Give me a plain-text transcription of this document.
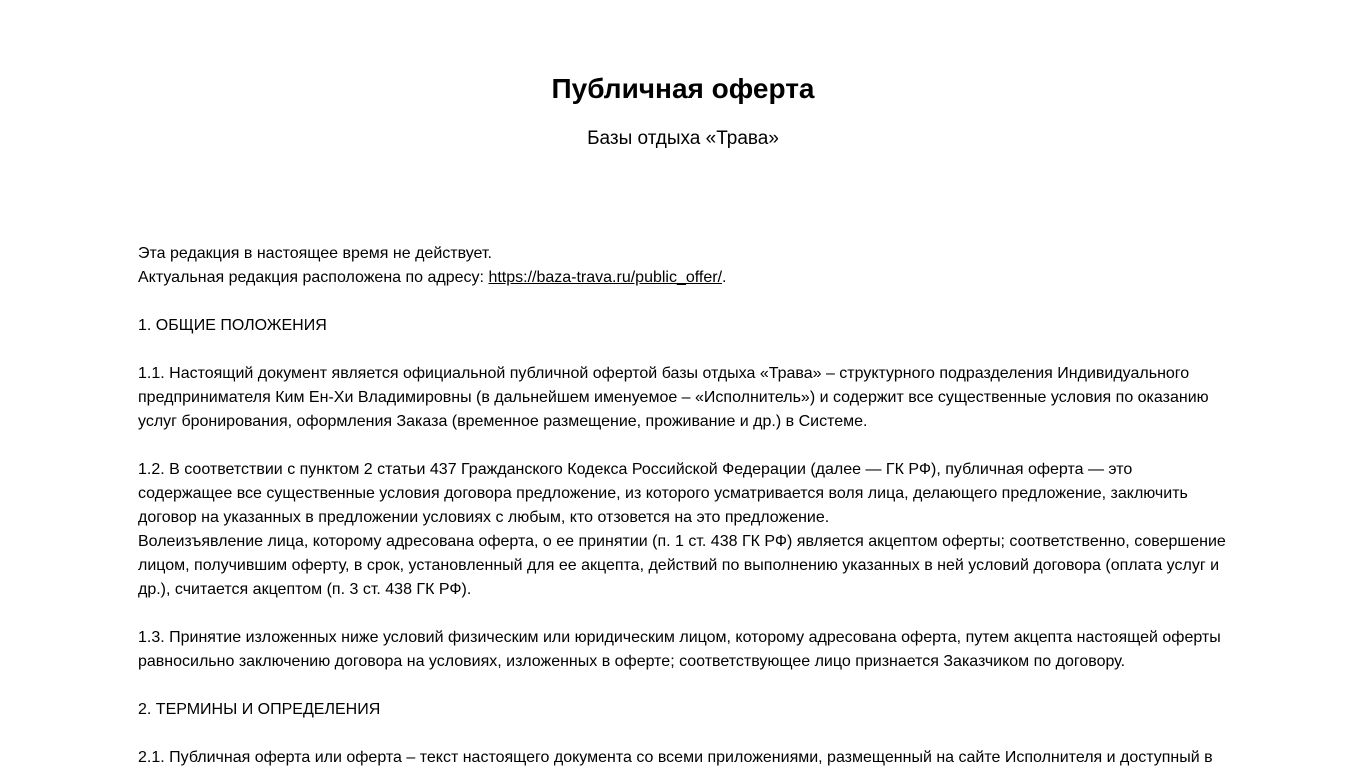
Публичная оферта
Базы отдыха «Трава»

Эта редакция в настоящее время не действует.
Актуальная редакция расположена по адресу: https://baza-trava.ru/public_offer/.

1. ОБЩИЕ ПОЛОЖЕНИЯ

1.1. Настоящий документ является официальной публичной офертой базы отдыха «Трава» – структурного подразделения Индивидуального предпринимателя Ким Ен-Хи Владимировны (в дальнейшем именуемое – «Исполнитель») и содержит все существенные условия по оказанию услуг бронирования, оформления Заказа (временное размещение, проживание и др.) в Системе.

1.2. В соответствии с пунктом 2 статьи 437 Гражданского Кодекса Российской Федерации (далее — ГК РФ), публичная оферта — это содержащее все существенные условия договора предложение, из которого усматривается воля лица, делающего предложение, заключить договор на указанных в предложении условиях с любым, кто отзовется на это предложение.
Волеизъявление лица, которому адресована оферта, о ее принятии (п. 1 ст. 438 ГК РФ) является акцептом оферты; соответственно, совершение лицом, получившим оферту, в срок, установленный для ее акцепта, действий по выполнению указанных в ней условий договора (оплата услуг и др.), считается акцептом (п. 3 ст. 438 ГК РФ).

1.3. Принятие изложенных ниже условий физическим или юридическим лицом, которому адресована оферта, путем акцепта настоящей оферты равносильно заключению договора на условиях, изложенных в оферте; соответствующее лицо признается Заказчиком по договору.

2. ТЕРМИНЫ И ОПРЕДЕЛЕНИЯ

2.1. Публичная оферта или оферта – текст настоящего документа со всеми приложениями, размещенный на сайте Исполнителя и доступный в
